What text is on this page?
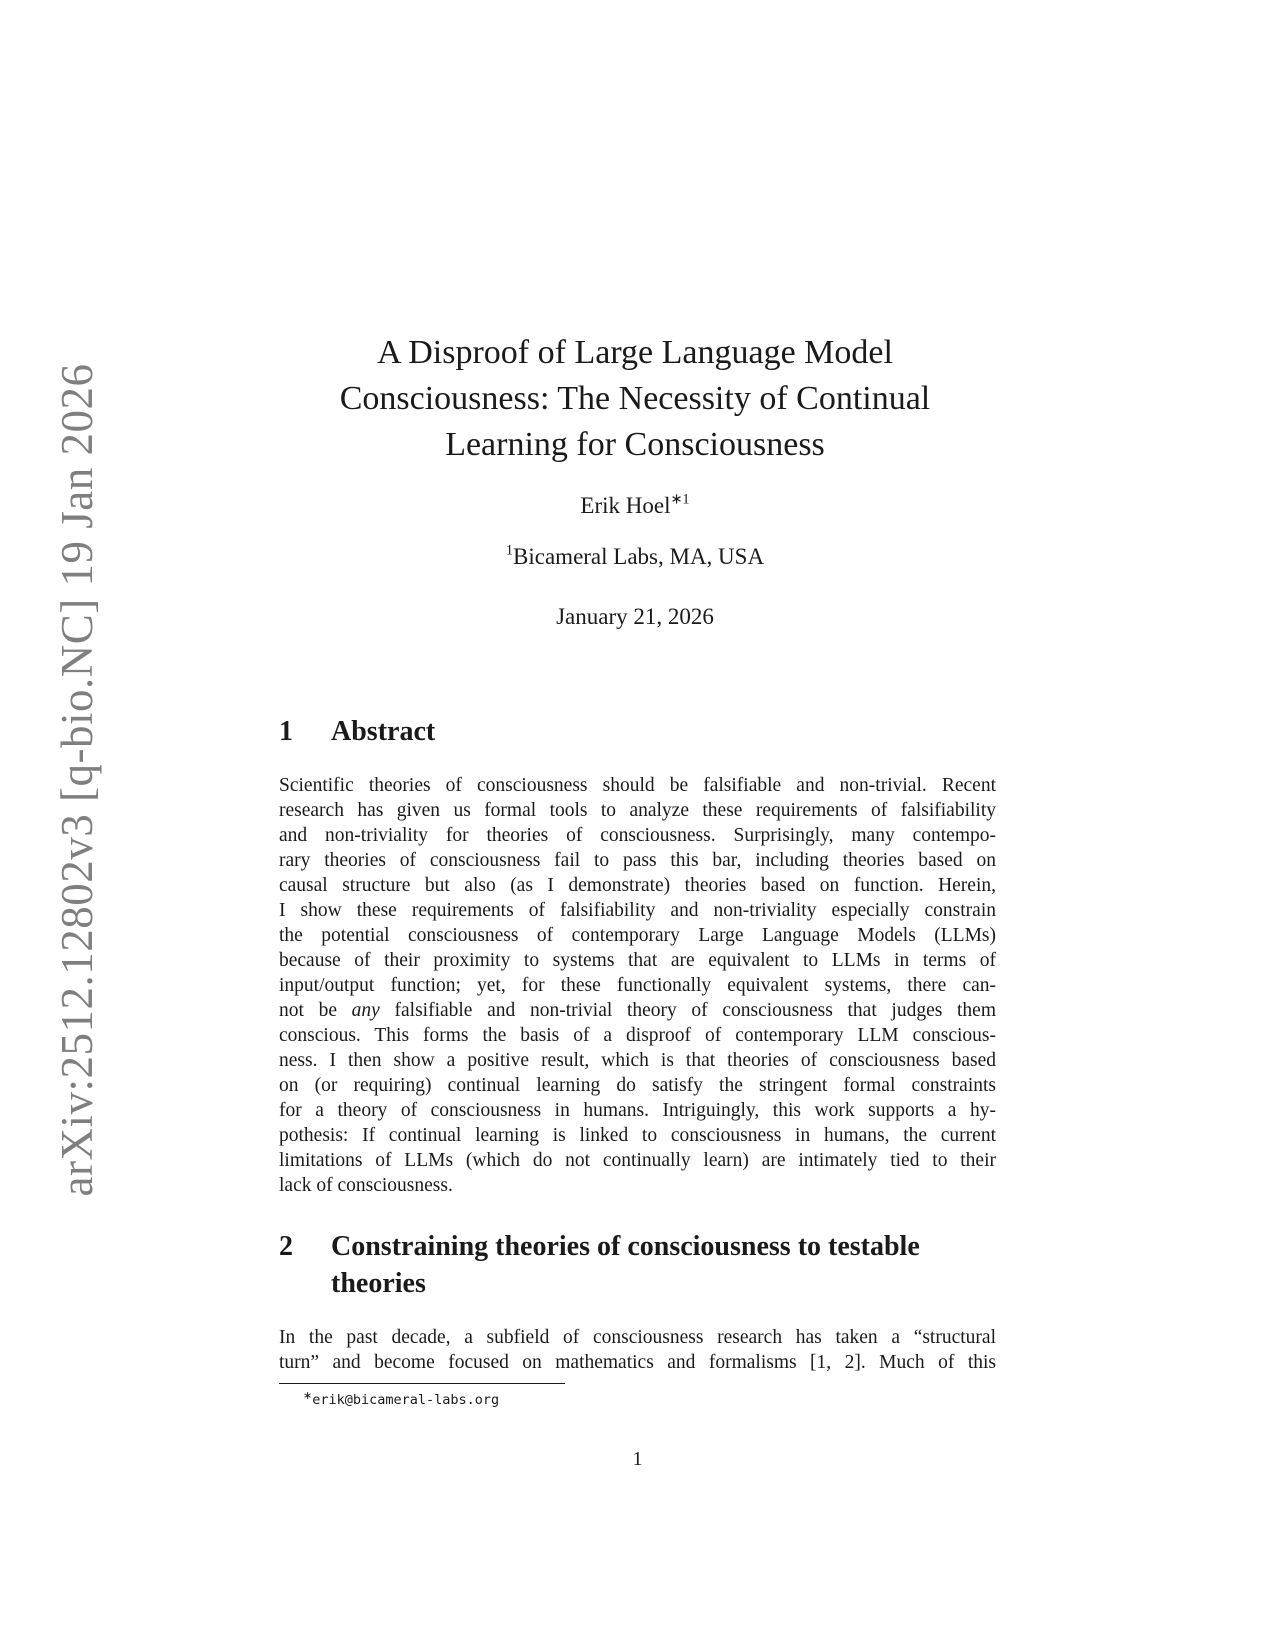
arXiv:2512.12802v3 [q-bio.NC] 19 Jan 2026
A Disproof of Large Language Model
Consciousness: The Necessity of Continual
Learning for Consciousness
Erik Hoel$^{∗1}$
$^1$Bicameral Labs, MA, USA
January 21, 2026
1 Abstract
Scientific theories of consciousness should be falsifiable and non-trivial. Recent
research has given us formal tools to analyze these requirements of falsifiability
and non-triviality for theories of consciousness. Surprisingly, many contempo-
rary theories of consciousness fail to pass this bar, including theories based on
causal structure but also (as I demonstrate) theories based on function. Herein,
I show these requirements of falsifiability and non-triviality especially constrain
the potential consciousness of contemporary Large Language Models (LLMs)
because of their proximity to systems that are equivalent to LLMs in terms of
input/output function; yet, for these functionally equivalent systems, there can-
not be any falsifiable and non-trivial theory of consciousness that judges them
conscious. This forms the basis of a disproof of contemporary LLM conscious-
ness. I then show a positive result, which is that theories of consciousness based
on (or requiring) continual learning do satisfy the stringent formal constraints
for a theory of consciousness in humans. Intriguingly, this work supports a hy-
pothesis: If continual learning is linked to consciousness in humans, the current
limitations of LLMs (which do not continually learn) are intimately tied to their
lack of consciousness.
2 Constraining theories of consciousness to testable
theories
In the past decade, a subfield of consciousness research has taken a “structural
turn” and become focused on mathematics and formalisms [1, 2]. Much of this
∗erik@bicameral-labs.org
1
